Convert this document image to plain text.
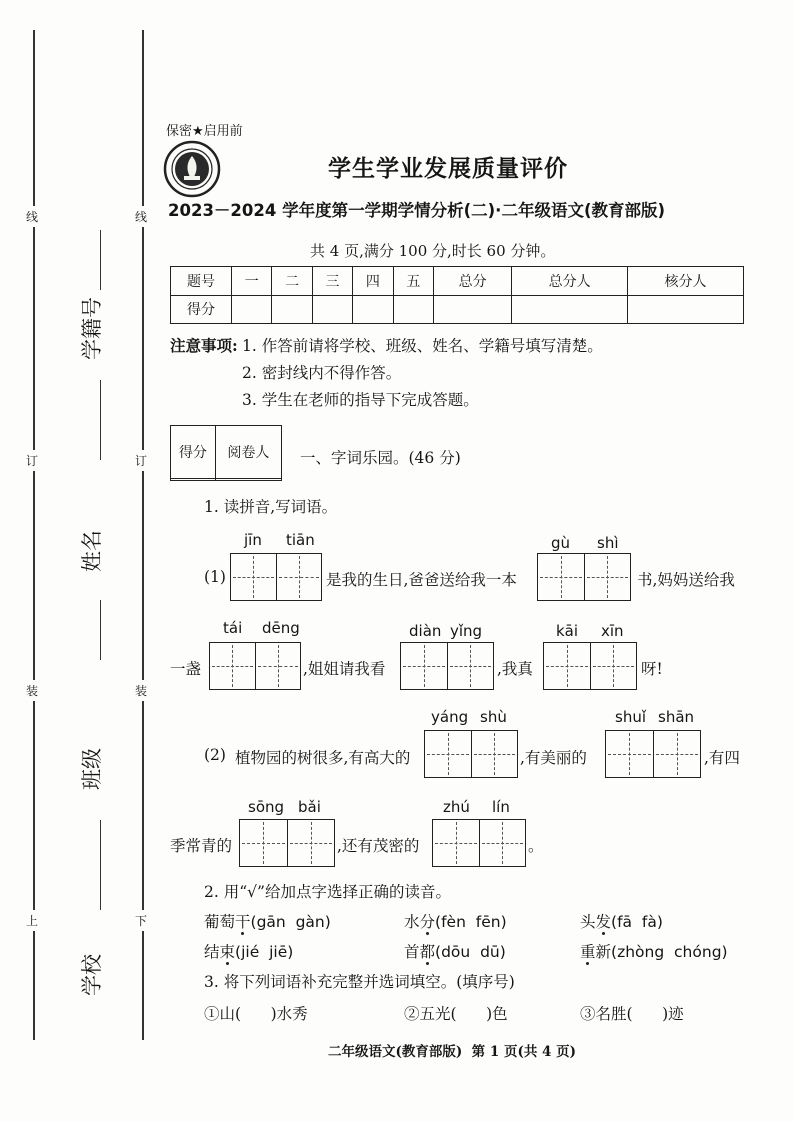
线
订
装
上
线
订
装
下
学籍号
姓名
班级
学校
保密★启用前
学生学业发展质量评价
2023－2024 学年度第一学期学情分析(二)·二年级语文(教育部版)
共 4 页,满分 100 分,时长 60 分钟。
题号	一	二	三	四	五	总分	总分人	核分人
得分								
注意事项: 1. 作答前请将学校、班级、姓名、学籍号填写清楚。
2. 密封线内不得作答。
3. 学生在老师的指导下完成答题。
得分	阅卷人
	一、字词乐园。(46 分)
1. 读拼音,写词语。
jīn tiān	gù shì
(1)	是我的生日,爸爸送给我一本	书,妈妈送给我
tái dēng	diàn yǐng	kāi xīn
一盏	,姐姐请我看	,我真	呀!
yáng shù	shuǐ shān
(2) 植物园的树很多,有高大的	,有美丽的	,有四
sōng bǎi	zhú lín
季常青的	,还有茂密的	。
2. 用“√”给加点字选择正确的读音。
葡萄干(gān  gàn)	水分(fèn  fēn)	头发(fā  fà)
结束(jié  jiē)	首都(dōu  dū)	重新(zhòng  chóng)
3. 将下列词语补充完整并选词填空。(填序号)
①山(      )水秀	②五光(      )色	③名胜(      )迹
二年级语文(教育部版)  第 1 页(共 4 页)
